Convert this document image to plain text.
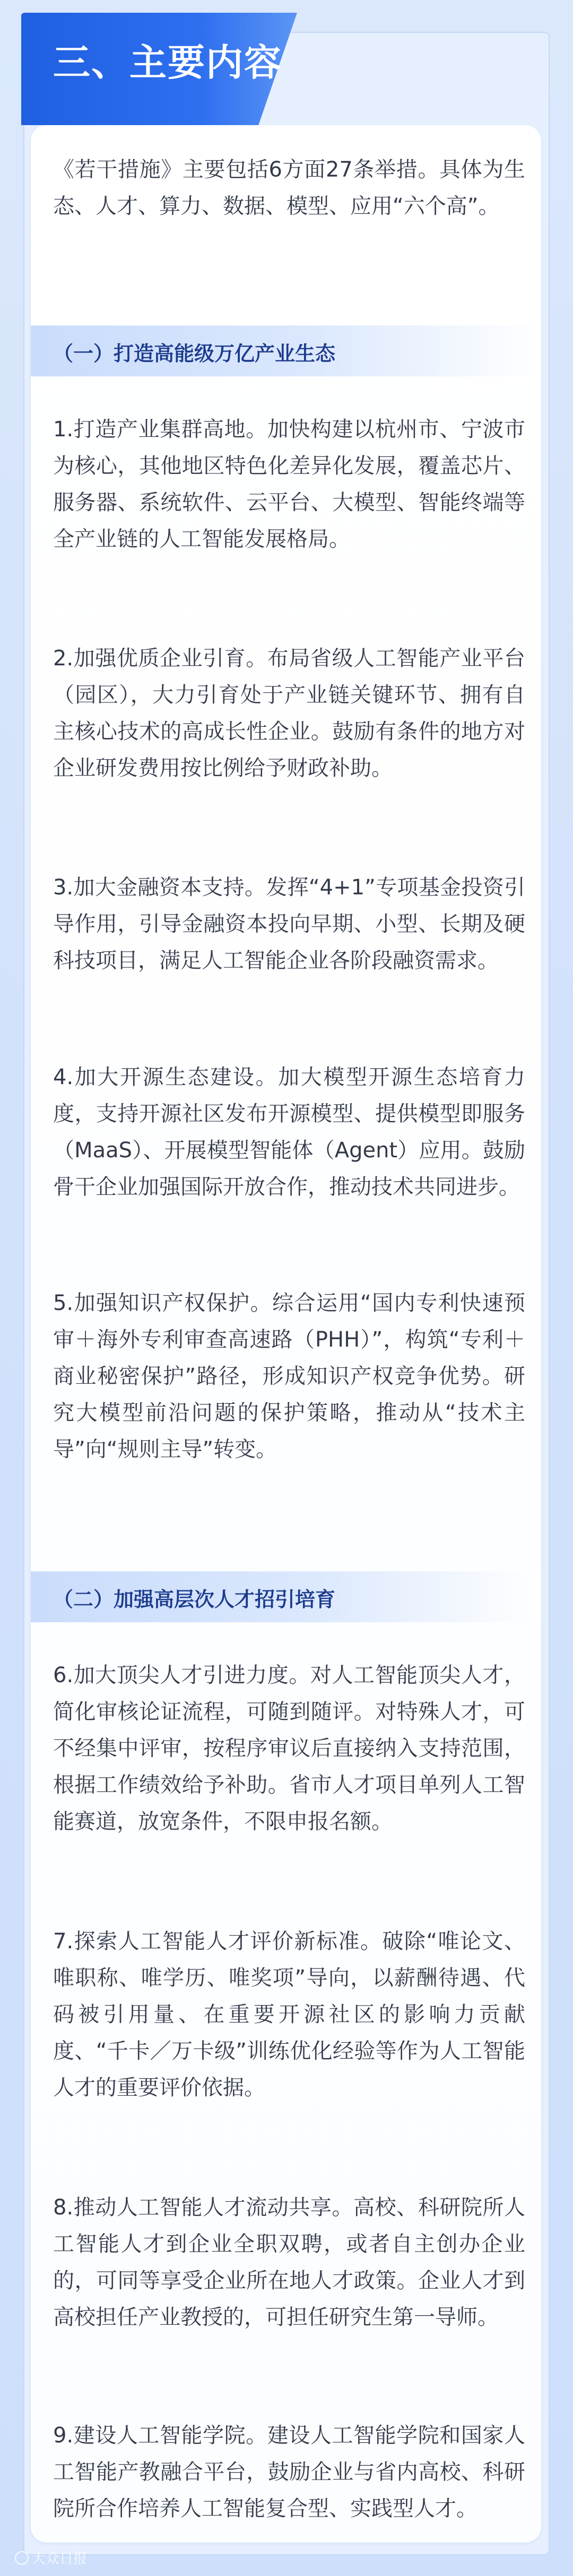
三、主要内容

《若干措施》主要包括6方面27条举措。具体为生态、人才、算力、数据、模型、应用“六个高”。

（一）打造高能级万亿产业生态

1.打造产业集群高地。加快构建以杭州市、宁波市为核心，其他地区特色化差异化发展，覆盖芯片、服务器、系统软件、云平台、大模型、智能终端等全产业链的人工智能发展格局。

2.加强优质企业引育。布局省级人工智能产业平台（园区），大力引育处于产业链关键环节、拥有自主核心技术的高成长性企业。鼓励有条件的地方对企业研发费用按比例给予财政补助。

3.加大金融资本支持。发挥“4+1”专项基金投资引导作用，引导金融资本投向早期、小型、长期及硬科技项目，满足人工智能企业各阶段融资需求。

4.加大开源生态建设。加大模型开源生态培育力度，支持开源社区发布开源模型、提供模型即服务（MaaS）、开展模型智能体（Agent）应用。鼓励骨干企业加强国际开放合作，推动技术共同进步。

5.加强知识产权保护。综合运用“国内专利快速预审＋海外专利审查高速路（PHH）”，构筑“专利＋商业秘密保护”路径，形成知识产权竞争优势。研究大模型前沿问题的保护策略，推动从“技术主导”向“规则主导”转变。

（二）加强高层次人才招引培育

6.加大顶尖人才引进力度。对人工智能顶尖人才，简化审核论证流程，可随到随评。对特殊人才，可不经集中评审，按程序审议后直接纳入支持范围，根据工作绩效给予补助。省市人才项目单列人工智能赛道，放宽条件，不限申报名额。

7.探索人工智能人才评价新标准。破除“唯论文、唯职称、唯学历、唯奖项”导向，以薪酬待遇、代码被引用量、在重要开源社区的影响力贡献度、“千卡／万卡级”训练优化经验等作为人工智能人才的重要评价依据。

8.推动人工智能人才流动共享。高校、科研院所人工智能人才到企业全职双聘，或者自主创办企业的，可同等享受企业所在地人才政策。企业人才到高校担任产业教授的，可担任研究生第一导师。

9.建设人工智能学院。建设人工智能学院和国家人工智能产教融合平台，鼓励企业与省内高校、科研院所合作培养人工智能复合型、实践型人才。

大众日报
